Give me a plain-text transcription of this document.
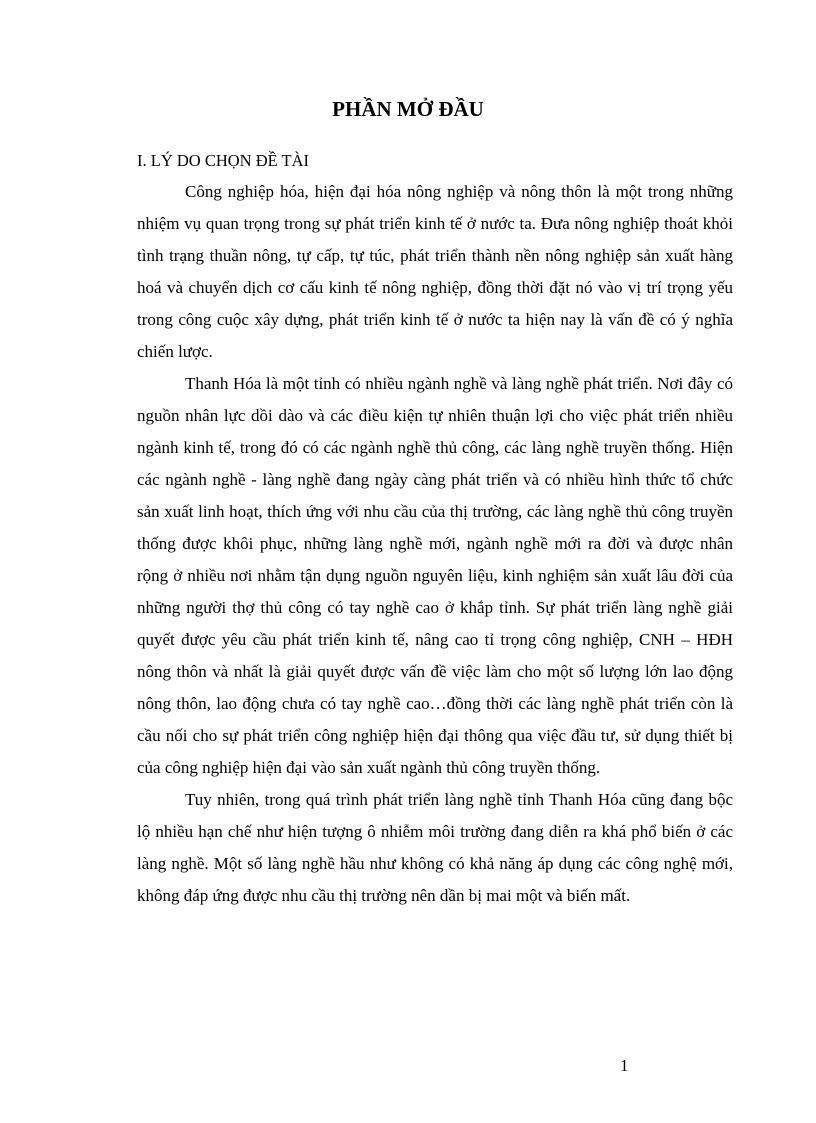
PHẦN MỞ ĐẦU
I. LÝ DO CHỌN ĐỀ TÀI

Công nghiệp hóa, hiện đại hóa nông nghiệp và nông thôn là một trong những nhiệm vụ quan trọng trong sự phát triển kinh tế ở nước ta. Đưa nông nghiệp thoát khỏi tình trạng thuần nông, tự cấp, tự túc, phát triển thành nền nông nghiệp sản xuất hàng hoá và chuyển dịch cơ cấu kinh tế nông nghiệp, đồng thời đặt nó vào vị trí trọng yếu trong công cuộc xây dựng, phát triển kinh tế ở nước ta hiện nay là vấn đề có ý nghĩa chiến lược.

Thanh Hóa là một tỉnh có nhiều ngành nghề và làng nghề phát triển. Nơi đây có nguồn nhân lực dồi dào và các điều kiện tự nhiên thuận lợi cho việc phát triển nhiều ngành kinh tế, trong đó có các ngành nghề thủ công, các làng nghề truyền thống. Hiện các ngành nghề - làng nghề đang ngày càng phát triển và có nhiều hình thức tổ chức sản xuất linh hoạt, thích ứng với nhu cầu của thị trường, các làng nghề thủ công truyền thống được khôi phục, những làng nghề mới, ngành nghề mới ra đời và được nhân rộng ở nhiều nơi nhằm tận dụng nguồn nguyên liệu, kinh nghiệm sản xuất lâu đời của những người thợ thủ công có tay nghề cao ở khắp tỉnh. Sự phát triển làng nghề giải quyết được yêu cầu phát triển kinh tế, nâng cao tỉ trọng công nghiệp, CNH – HĐH nông thôn và nhất là giải quyết được vấn đề việc làm cho một số lượng lớn lao động nông thôn, lao động chưa có tay nghề cao…đồng thời các làng nghề phát triển còn là cầu nối cho sự phát triển công nghiệp hiện đại thông qua việc đầu tư, sử dụng thiết bị của công nghiệp hiện đại vào sản xuất ngành thủ công truyền thống.

Tuy nhiên, trong quá trình phát triển làng nghề tỉnh Thanh Hóa cũng đang bộc lộ nhiều hạn chế như hiện tượng ô nhiễm môi trường đang diễn ra khá phổ biến ở các làng nghề. Một số làng nghề hầu như không có khả năng áp dụng các công nghệ mới, không đáp ứng được nhu cầu thị trường nên dần bị mai một và biến mất.

1
